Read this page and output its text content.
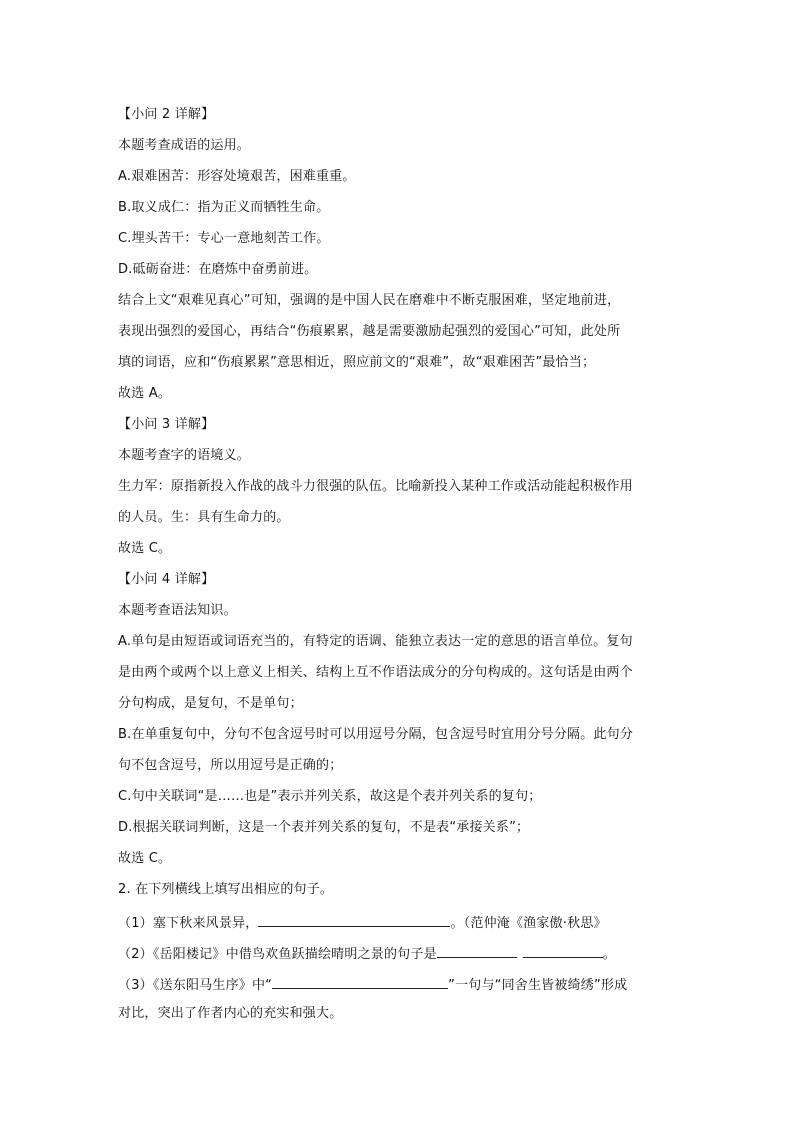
【小问 2 详解】
本题考查成语的运用。
A.艰难困苦：形容处境艰苦，困难重重。
B.取义成仁：指为正义而牺牲生命。
C.埋头苦干：专心一意地刻苦工作。
D.砥砺奋进：在磨炼中奋勇前进。
结合上文“艰难见真心”可知，强调的是中国人民在磨难中不断克服困难，坚定地前进，
表现出强烈的爱国心，再结合“伤痕累累，越是需要激励起强烈的爱国心”可知，此处所
填的词语，应和“伤痕累累”意思相近，照应前文的“艰难”，故“艰难困苦”最恰当；
故选 A。
【小问 3 详解】
本题考查字的语境义。
生力军：原指新投入作战的战斗力很强的队伍。比喻新投入某种工作或活动能起积极作用
的人员。生：具有生命力的。
故选 C。
【小问 4 详解】
本题考查语法知识。
A.单句是由短语或词语充当的，有特定的语调、能独立表达一定的意思的语言单位。复句
是由两个或两个以上意义上相关、结构上互不作语法成分的分句构成的。这句话是由两个
分句构成，是复句，不是单句；
B.在单重复句中，分句不包含逗号时可以用逗号分隔，包含逗号时宜用分号分隔。此句分
句不包含逗号，所以用逗号是正确的；
C.句中关联词“是……也是”表示并列关系，故这是个表并列关系的复句；
D.根据关联词判断，这是一个表并列关系的复句，不是表“承接关系”；
故选 C。
2. 在下列横线上填写出相应的句子。
（1）塞下秋来风景异，	。（范仲淹《渔家傲·秋思》
（2）《岳阳楼记》中借鸟欢鱼跃描绘晴明之景的句子是	。
（3）《送东阳马生序》中“	”一句与“同舍生皆被绮绣”形成
对比，突出了作者内心的充实和强大。
